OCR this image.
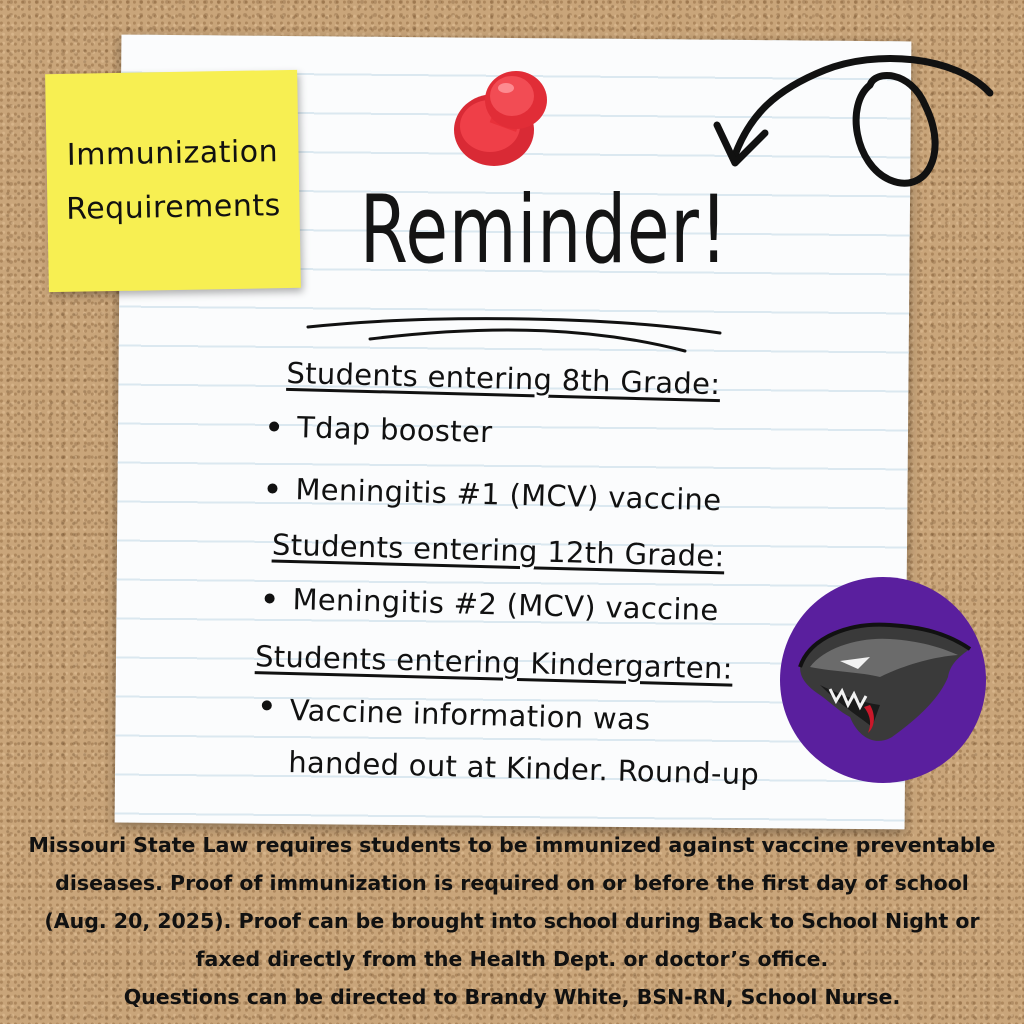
Immunization
Requirements Reminder!
Students entering 8th Grade:
Tdap booster
Meningitis #1 (MCV) vaccine
Students entering 12th Grade:
Meningitis #2 (MCV) vaccine
Students entering Kindergarten:
Vaccine information was
handed out at Kinder. Round-up
Missouri State Law requires students to be immunized against vaccine preventable
diseases. Proof of immunization is required on or before the first day of school
(Aug. 20, 2025). Proof can be brought into school during Back to School Night or
faxed directly from the Health Dept. or doctor’s office.
Questions can be directed to Brandy White, BSN-RN, School Nurse.
